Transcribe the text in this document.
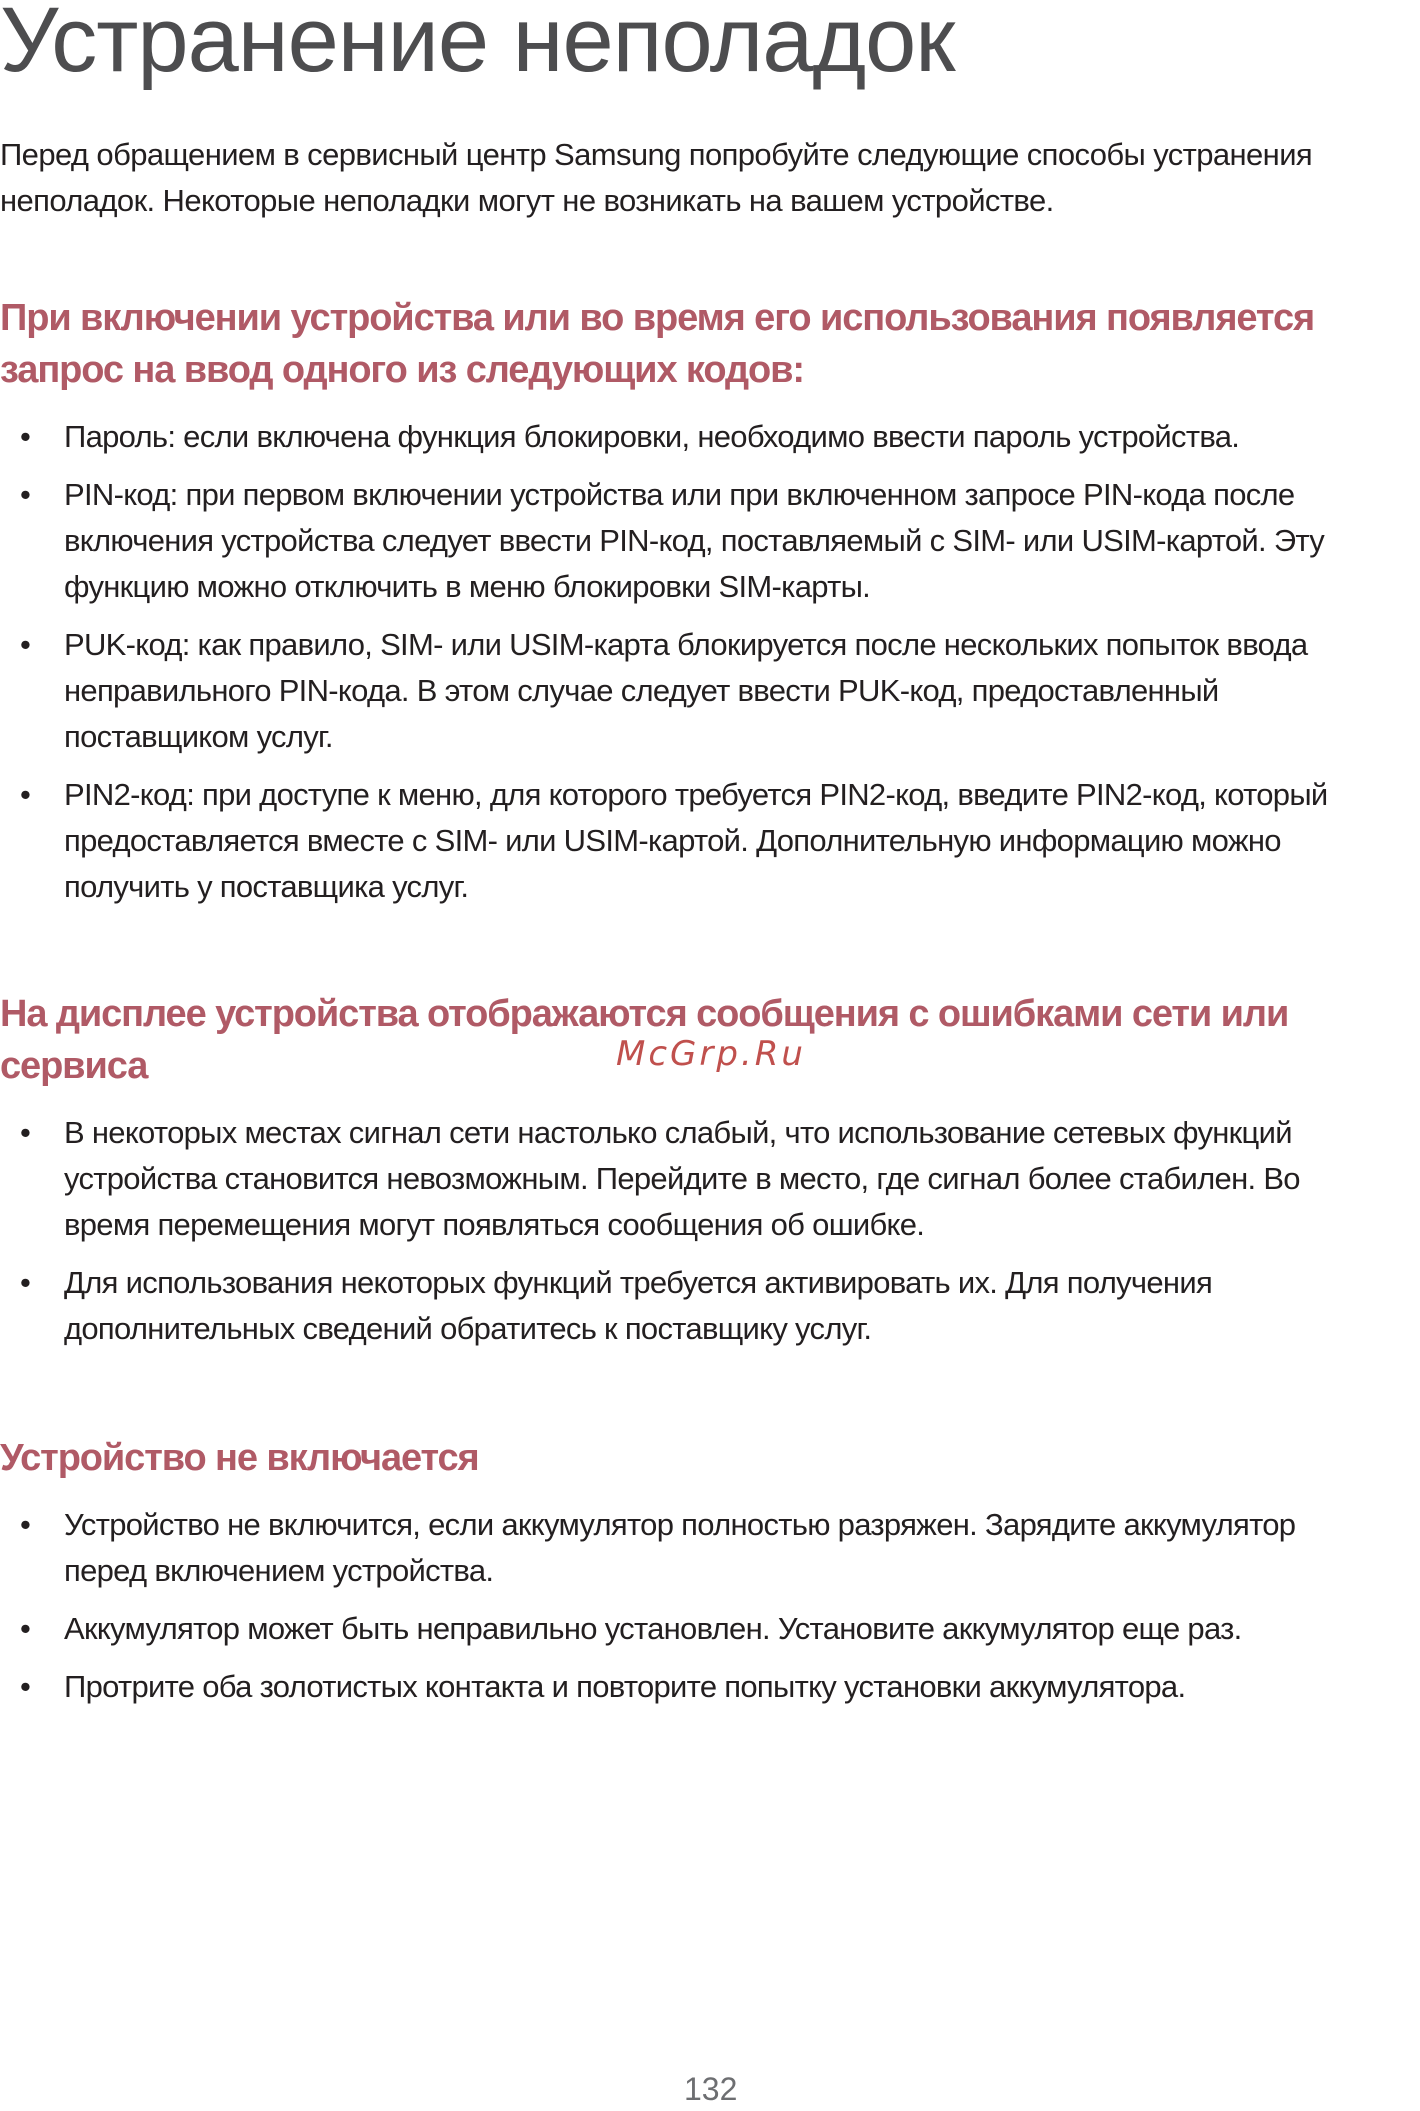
Устранение неполадок

Перед обращением в сервисный центр Samsung попробуйте следующие способы устранения неполадок. Некоторые неполадки могут не возникать на вашем устройстве.

При включении устройства или во время его использования появляется запрос на ввод одного из следующих кодов:
• Пароль: если включена функция блокировки, необходимо ввести пароль устройства.
• PIN-код: при первом включении устройства или при включенном запросе PIN-кода после включения устройства следует ввести PIN-код, поставляемый с SIM- или USIM-картой. Эту функцию можно отключить в меню блокировки SIM-карты.
• PUK-код: как правило, SIM- или USIM-карта блокируется после нескольких попыток ввода неправильного PIN-кода. В этом случае следует ввести PUK-код, предоставленный поставщиком услуг.
• PIN2-код: при доступе к меню, для которого требуется PIN2-код, введите PIN2-код, который предоставляется вместе с SIM- или USIM-картой. Дополнительную информацию можно получить у поставщика услуг.
На дисплее устройства отображаются сообщения с ошибками сети или сервиса
• В некоторых местах сигнал сети настолько слабый, что использование сетевых функций устройства становится невозможным. Перейдите в место, где сигнал более стабилен. Во время перемещения могут появляться сообщения об ошибке.
• Для использования некоторых функций требуется активировать их. Для получения дополнительных сведений обратитесь к поставщику услуг.
Устройство не включается
• Устройство не включится, если аккумулятор полностью разряжен. Зарядите аккумулятор перед включением устройства.
• Аккумулятор может быть неправильно установлен. Установите аккумулятор еще раз.
• Протрите оба золотистых контакта и повторите попытку установки аккумулятора.
McGrp.Ru
132
